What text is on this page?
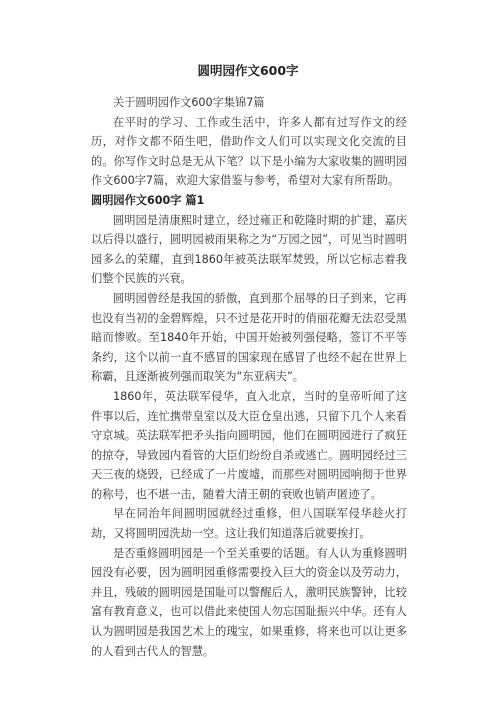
圆明园作文600字

关于圆明园作文600字集锦7篇

在平时的学习、工作或生活中，许多人都有过写作文的经历，对作文都不陌生吧，借助作文人们可以实现文化交流的目的。你写作文时总是无从下笔？以下是小编为大家收集的圆明园作文600字7篇，欢迎大家借鉴与参考，希望对大家有所帮助。

圆明园作文600字 篇1

圆明园是清康熙时建立，经过雍正和乾隆时期的扩建，嘉庆以后得以盛行，圆明园被雨果称之为“万园之园”，可见当时圆明园多么的荣耀，直到1860年被英法联军焚毁，所以它标志着我们整个民族的兴衰。

圆明园曾经是我国的骄傲，直到那个屈辱的日子到来，它再也没有当初的金碧辉煌，只不过是花开时的俏丽花瓣无法忍受黑暗而惨败。至1840年开始，中国开始被列强侵略，签订不平等条约，这个以前一直不感冒的国家现在感冒了也经不起在世界上称霸，且逐渐被列强而取笑为“东亚病夫”。

1860年，英法联军侵华，直入北京，当时的皇帝听闻了这件事以后，连忙携带皇室以及大臣仓皇出逃，只留下几个人来看守京城。英法联军把矛头指向圆明园，他们在圆明园进行了疯狂的掠夺，导致园内看管的大臣们纷纷自杀或逃亡。圆明园经过三天三夜的烧毁，已经成了一片废墟，而那些对圆明园响彻于世界的称号，也不堪一击，随着大清王朝的衰败也销声匿迹了。

早在同治年间圆明园就经过重修，但八国联军侵华趁火打劫，又将圆明园洗劫一空。这让我们知道落后就要挨打。

是否重修圆明园是一个至关重要的话题。有人认为重修圆明园没有必要，因为圆明园重修需要投入巨大的资金以及劳动力，并且，残破的圆明园是国耻可以警醒后人，激明民族警钟，比较富有教育意义，也可以借此来使国人勿忘国耻振兴中华。还有人认为圆明园是我国艺术上的瑰宝，如果重修，将来也可以让更多的人看到古代人的智慧。
